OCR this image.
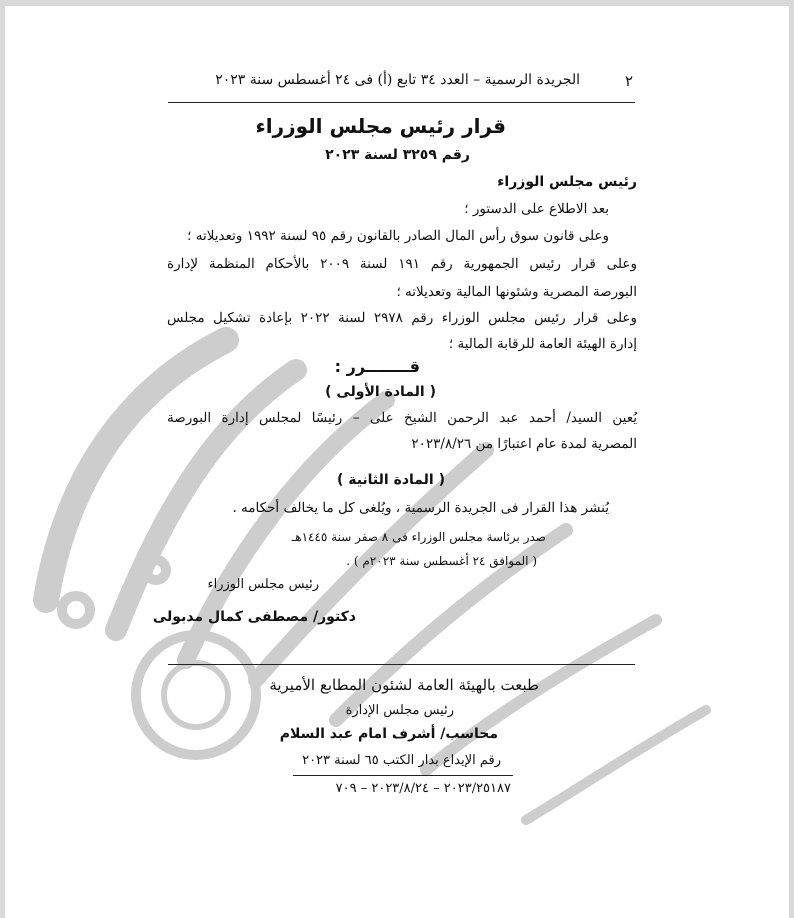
٢
الجريدة الرسمية – العدد ٣٤ تابع (أ) فى ٢٤ أغسطس سنة ٢٠٢٣
قرار رئيس مجلس الوزراء
رقم ٣٢٥٩ لسنة ٢٠٢٣
رئيس مجلس الوزراء
بعد الاطلاع على الدستور ؛
وعلى قانون سوق رأس المال الصادر بالقانون رقم ٩٥ لسنة ١٩٩٢ وتعديلاته ؛
وعلى قرار رئيس الجمهورية رقم ١٩١ لسنة ٢٠٠٩ بالأحكام المنظمة لإدارة
البورصة المصرية وشئونها المالية وتعديلاته ؛
وعلى قرار رئيس مجلس الوزراء رقم ٢٩٧٨ لسنة ٢٠٢٢ بإعادة تشكيل مجلس
إدارة الهيئة العامة للرقابة المالية ؛
قــــــــرر :
( المادة الأولى )
يُعين السيد/ أحمد عبد الرحمن الشيخ على – رئيسًا لمجلس إدارة البورصة
المصرية لمدة عام اعتبارًا من ٢٠٢٣/٨/٢٦
( المادة الثانية )
يُنشر هذا القرار فى الجريدة الرسمية ، ويُلغى كل ما يخالف أحكامه .
صدر برئاسة مجلس الوزراء فى ٨ صفر سنة ١٤٤٥هـ
( الموافق ٢٤ أغسطس سنة ٢٠٢٣م ) .
رئيس مجلس الوزراء
دكتور/ مصطفى كمال مدبولى
طبعت بالهيئة العامة لشئون المطابع الأميرية
رئيس مجلس الإدارة
محاسب/ أشرف امام عبد السلام
رقم الإيداع بدار الكتب ٦٥ لسنة ٢٠٢٣
٢٠٢٣/٢٥١٨٧ – ٢٠٢٣/٨/٢٤ – ٧٠٩
